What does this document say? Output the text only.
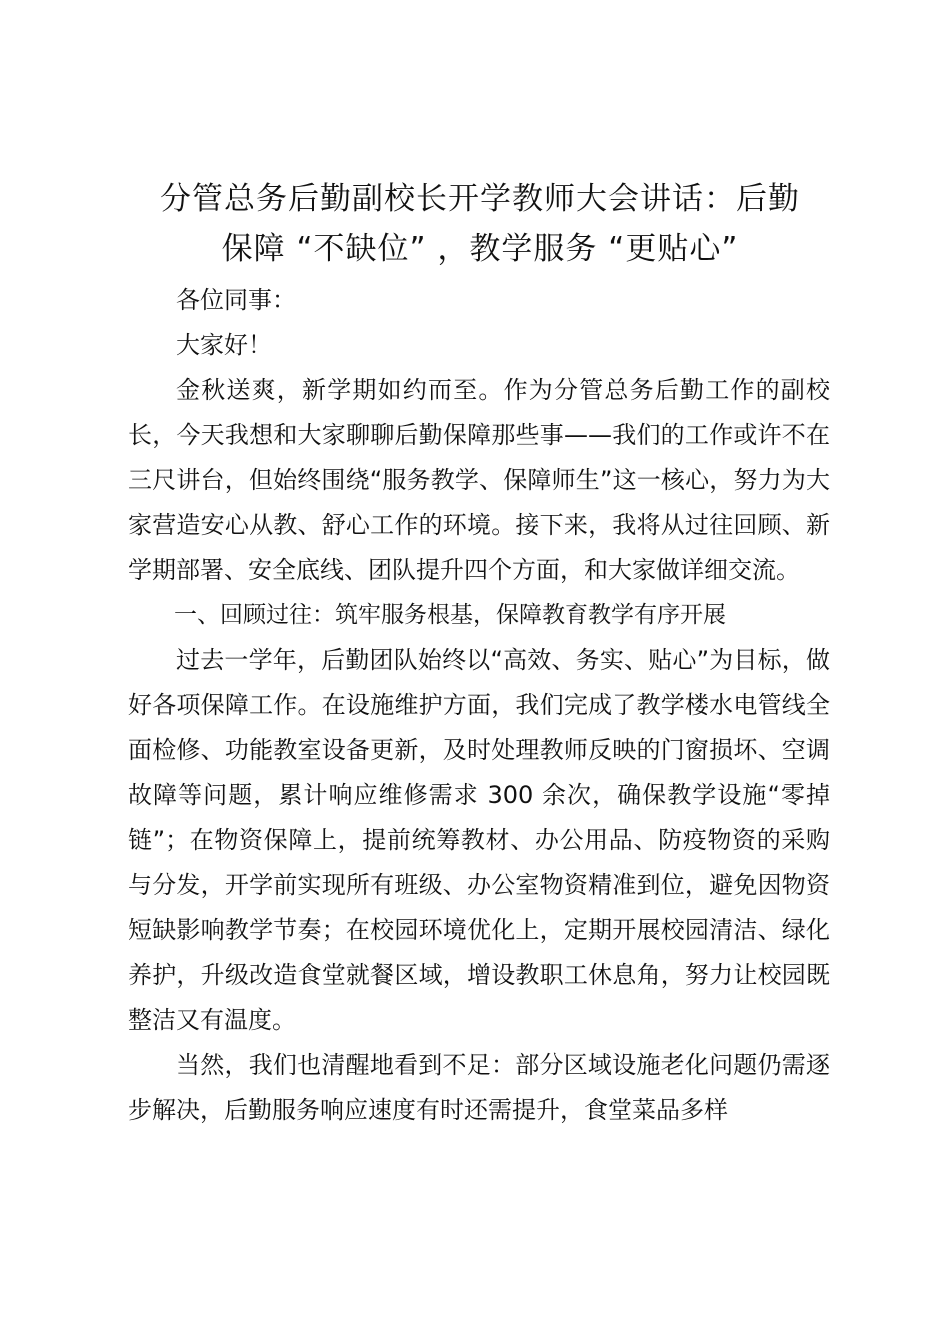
分管总务后勤副校长开学教师大会讲话：后勤
保障 “不缺位” ，教学服务 “更贴心”

各位同事：

大家好！

金秋送爽，新学期如约而至。作为分管总务后勤工作的副校长，今天我想和大家聊聊后勤保障那些事——我们的工作或许不在三尺讲台，但始终围绕“服务教学、保障师生”这一核心，努力为大家营造安心从教、舒心工作的环境。接下来，我将从过往回顾、新学期部署、安全底线、团队提升四个方面，和大家做详细交流。

一、回顾过往：筑牢服务根基，保障教育教学有序开展

过去一学年，后勤团队始终以“高效、务实、贴心”为目标，做好各项保障工作。在设施维护方面，我们完成了教学楼水电管线全面检修、功能教室设备更新，及时处理教师反映的门窗损坏、空调故障等问题，累计响应维修需求 300 余次，确保教学设施“零掉链”；在物资保障上，提前统筹教材、办公用品、防疫物资的采购与分发，开学前实现所有班级、办公室物资精准到位，避免因物资短缺影响教学节奏；在校园环境优化上，定期开展校园清洁、绿化养护，升级改造食堂就餐区域，增设教职工休息角，努力让校园既整洁又有温度。

当然，我们也清醒地看到不足：部分区域设施老化问题仍需逐步解决，后勤服务响应速度有时还需提升，食堂菜品多样
